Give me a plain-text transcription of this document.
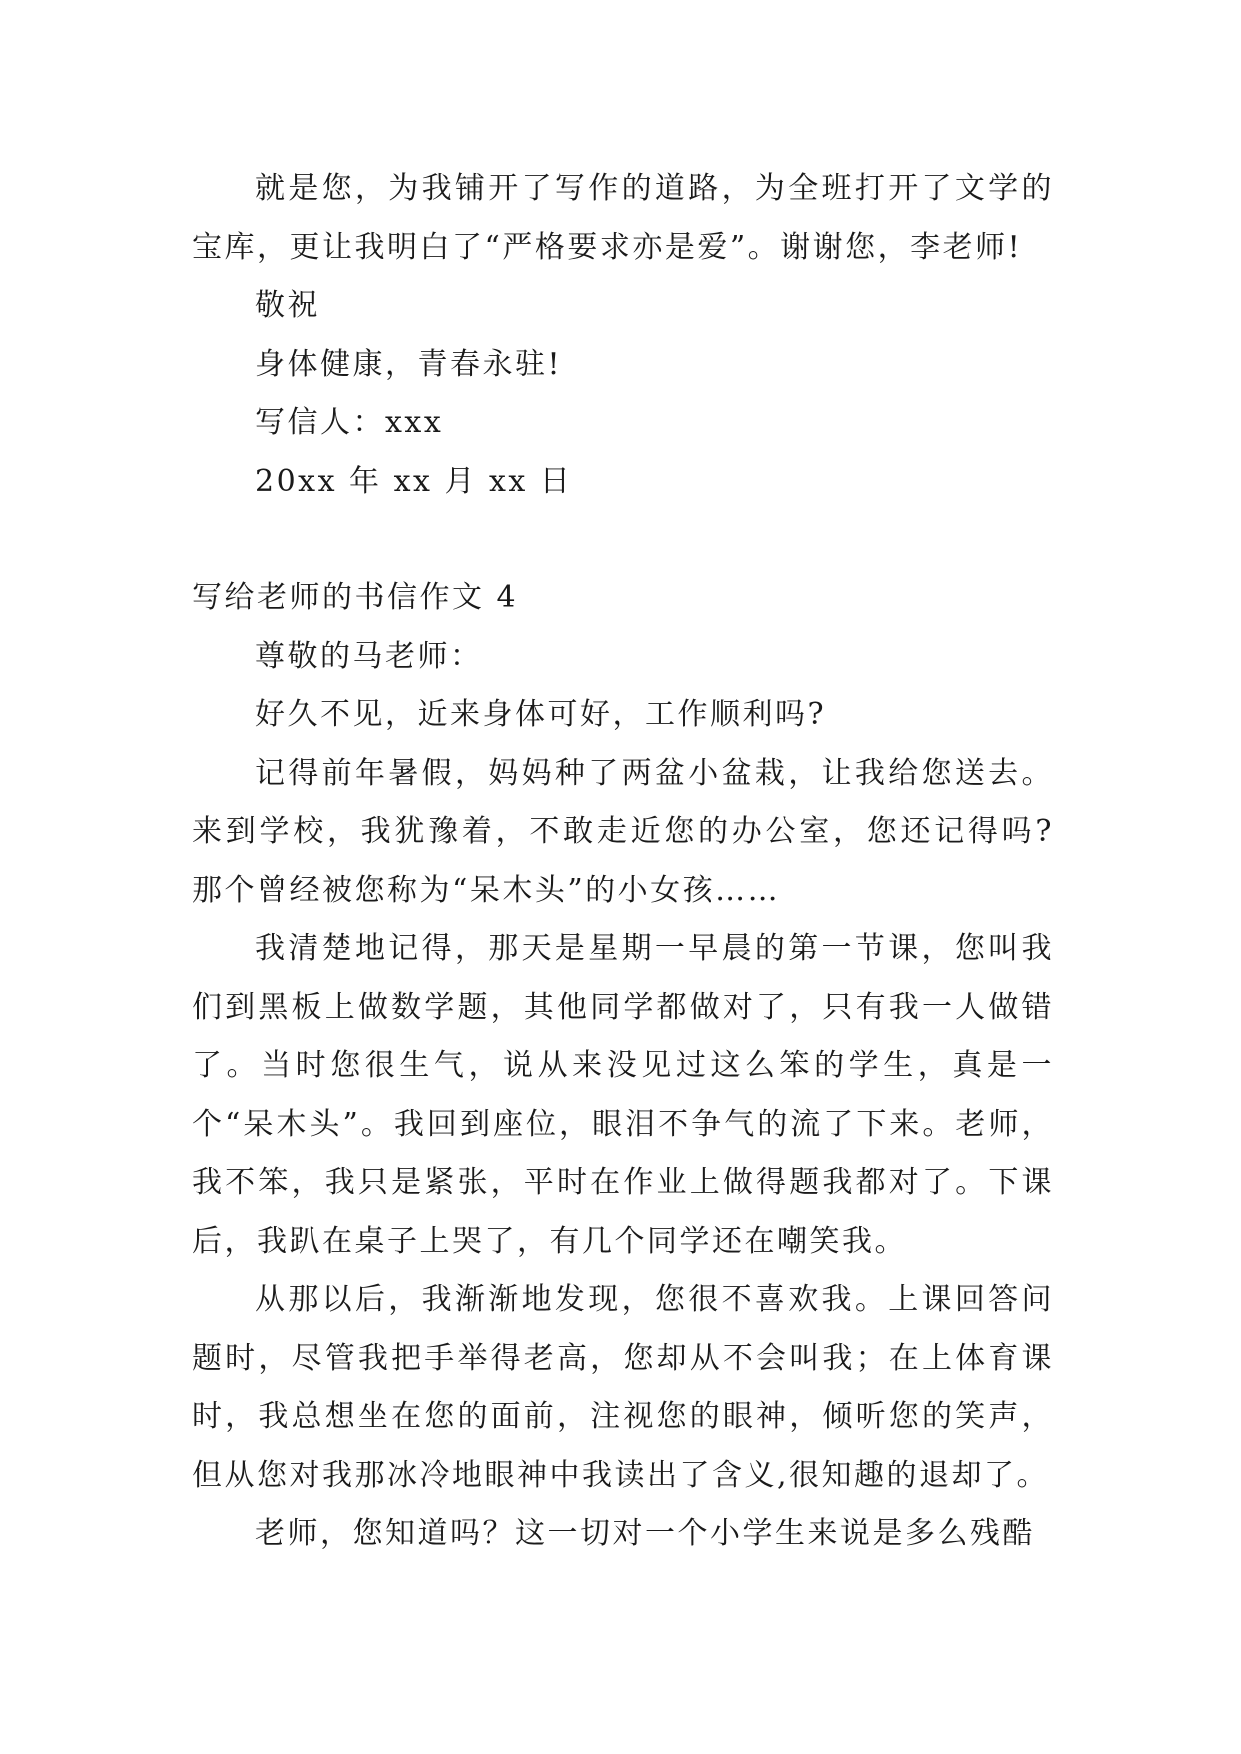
就是您，为我铺开了写作的道路，为全班打开了文学的宝库，更让我明白了“严格要求亦是爱”。谢谢您，李老师!

敬祝

身体健康，青春永驻!

写信人：xxx

20xx 年 xx 月 xx 日

写给老师的书信作文 4

尊敬的马老师：

好久不见，近来身体可好，工作顺利吗?

记得前年暑假，妈妈种了两盆小盆栽，让我给您送去。来到学校，我犹豫着，不敢走近您的办公室，您还记得吗?那个曾经被您称为“呆木头”的小女孩……

我清楚地记得，那天是星期一早晨的第一节课，您叫我们到黑板上做数学题，其他同学都做对了，只有我一人做错了。当时您很生气，说从来没见过这么笨的学生，真是一个“呆木头”。我回到座位，眼泪不争气的流了下来。老师，我不笨，我只是紧张，平时在作业上做得题我都对了。下课后，我趴在桌子上哭了，有几个同学还在嘲笑我。

从那以后，我渐渐地发现，您很不喜欢我。上课回答问题时，尽管我把手举得老高，您却从不会叫我；在上体育课时，我总想坐在您的面前，注视您的眼神，倾听您的笑声，但从您对我那冰冷地眼神中我读出了含义,很知趣的退却了。

老师，您知道吗？这一切对一个小学生来说是多么残酷
